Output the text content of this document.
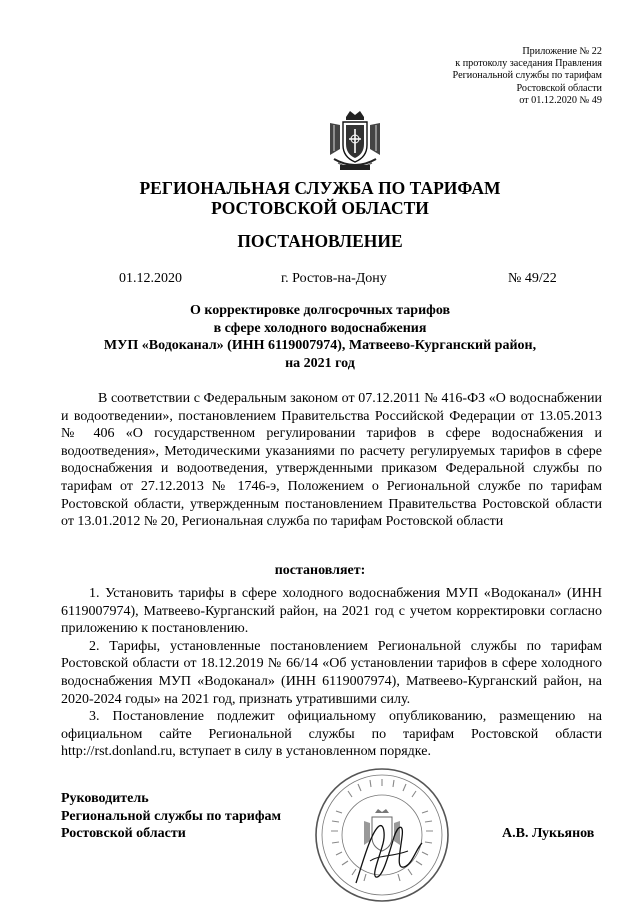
Приложение № 22
к протоколу заседания Правления
Региональной службы по тарифам
Ростовской области
от 01.12.2020 № 49
РЕГИОНАЛЬНАЯ СЛУЖБА ПО ТАРИФАМ
РОСТОВСКОЙ ОБЛАСТИ
ПОСТАНОВЛЕНИЕ
01.12.2020	г. Ростов-на-Дону	№ 49/22
О корректировке долгосрочных тарифов
в сфере холодного водоснабжения
МУП «Водоканал» (ИНН 6119007974), Матвеево-Курганский район,
на 2021 год
В соответствии с Федеральным законом от 07.12.2011 № 416-ФЗ «О водоснабжении и водоотведении», постановлением Правительства Российской Федерации от 13.05.2013 № 406 «О государственном регулировании тарифов в сфере водоснабжения и водоотведения», Методическими указаниями по расчету регулируемых тарифов в сфере водоснабжения и водоотведения, утвержденными приказом Федеральной службы по тарифам от 27.12.2013 № 1746-э, Положением о Региональной службе по тарифам Ростовской области, утвержденным постановлением Правительства Ростовской области от 13.01.2012 № 20, Региональная служба по тарифам Ростовской области
постановляет:

1. Установить тарифы в сфере холодного водоснабжения МУП «Водоканал» (ИНН 6119007974), Матвеево-Курганский район, на 2021 год с учетом корректировки согласно приложению к постановлению.

2. Тарифы, установленные постановлением Региональной службы по тарифам Ростовской области от 18.12.2019 № 66/14 «Об установлении тарифов в сфере холодного водоснабжения МУП «Водоканал» (ИНН 6119007974), Матвеево-Курганский район, на 2020-2024 годы» на 2021 год, признать утратившими силу.

3. Постановление подлежит официальному опубликованию, размещению на официальном сайте Региональной службы по тарифам Ростовской области http://rst.donland.ru, вступает в силу в установленном порядке.

Руководитель
Региональной службы по тарифам
Ростовской области	А.В. Лукьянов
